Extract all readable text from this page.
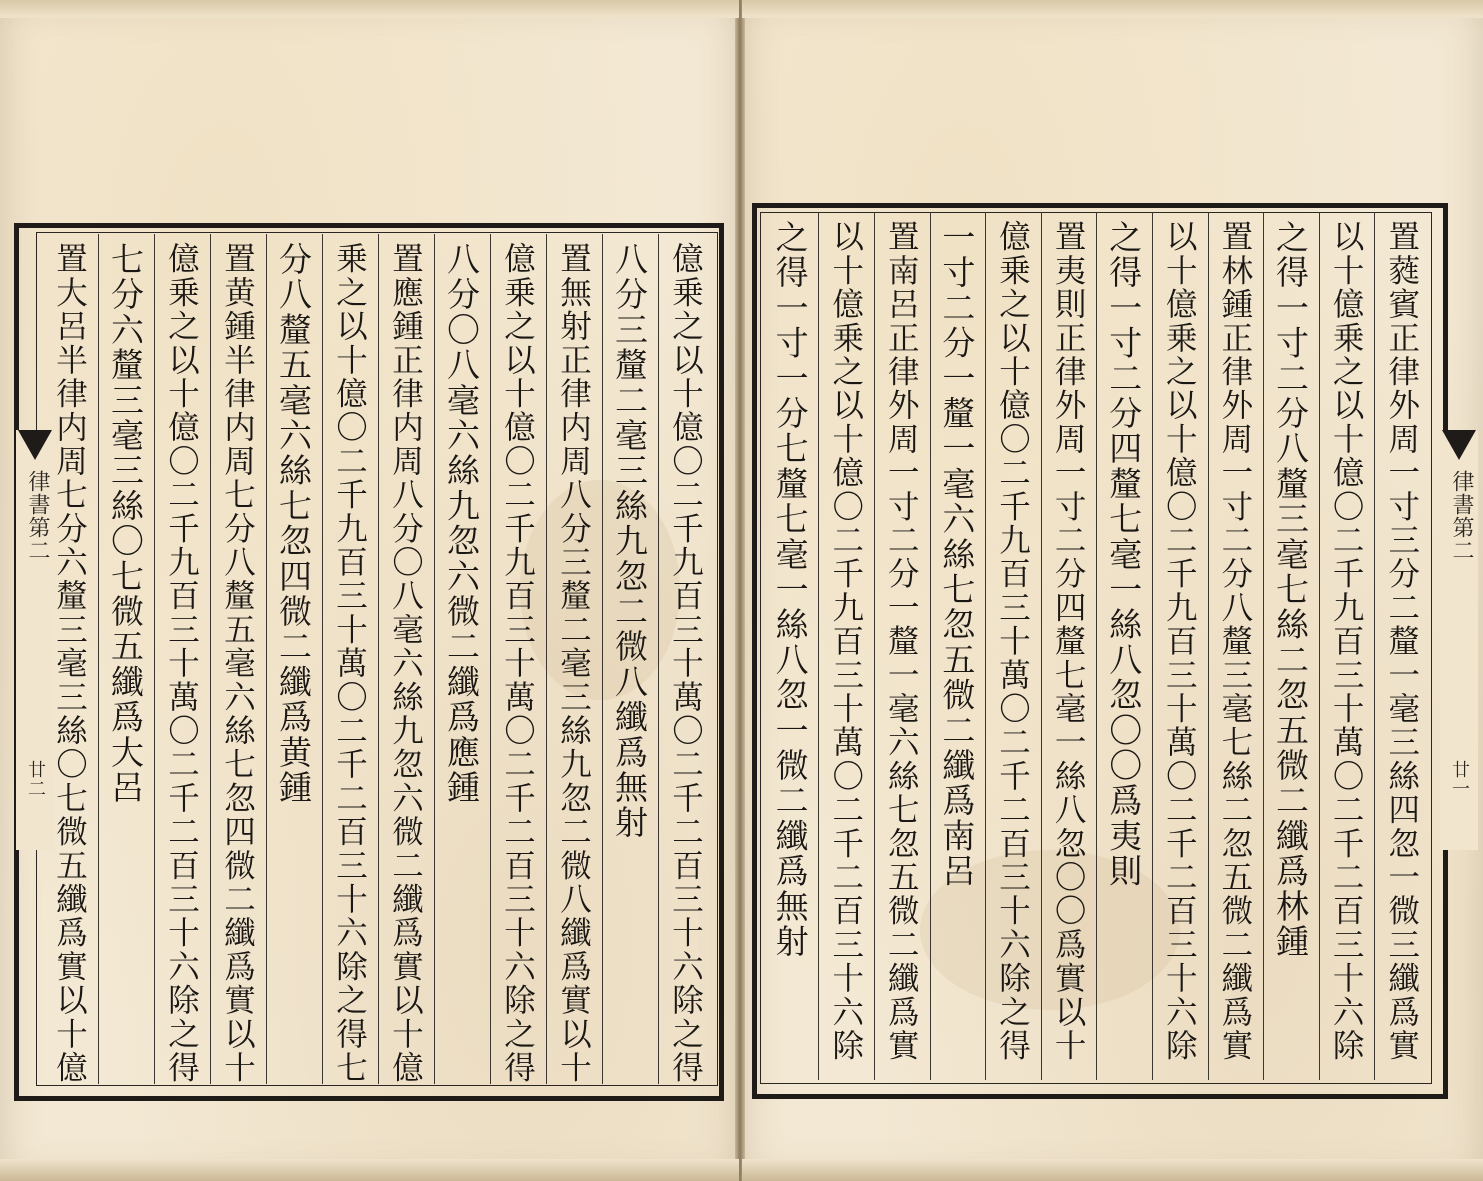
律書第二
廿二
律書第二
廿一
億乗之以十億〇二千九百三十萬〇二千二百三十六除之得
八分三釐二毫三絲九忽二微八纖爲無射
置無射正律内周八分三釐二毫三絲九忽二微八纖爲實以十
億乗之以十億〇二千九百三十萬〇二千二百三十六除之得
八分〇八毫六絲九忽六微二纖爲應鍾
置應鍾正律内周八分〇八毫六絲九忽六微二纖爲實以十億
乗之以十億〇二千九百三十萬〇二千二百三十六除之得七
分八釐五毫六絲七忽四微二纖爲黄鍾
置黄鍾半律内周七分八釐五毫六絲七忽四微二纖爲實以十
億乗之以十億〇二千九百三十萬〇二千二百三十六除之得
七分六釐三毫三絲〇七微五纖爲大呂
置大呂半律内周七分六釐三毫三絲〇七微五纖爲實以十億	置蕤賓正律外周一寸三分二釐一毫三絲四忽一微三纖爲實
以十億乗之以十億〇二千九百三十萬〇二千二百三十六除
之得一寸二分八釐三毫七絲二忽五微二纖爲林鍾
置林鍾正律外周一寸二分八釐三毫七絲二忽五微二纖爲實
以十億乗之以十億〇二千九百三十萬〇二千二百三十六除
之得一寸二分四釐七毫一絲八忽〇〇爲夷則
置夷則正律外周一寸二分四釐七毫一絲八忽〇〇爲實以十
億乗之以十億〇二千九百三十萬〇二千二百三十六除之得
一寸二分一釐一毫六絲七忽五微二纖爲南呂
置南呂正律外周一寸二分一釐一毫六絲七忽五微二纖爲實
以十億乗之以十億〇二千九百三十萬〇二千二百三十六除
之得一寸一分七釐七毫一絲八忽一微二纖爲無射
